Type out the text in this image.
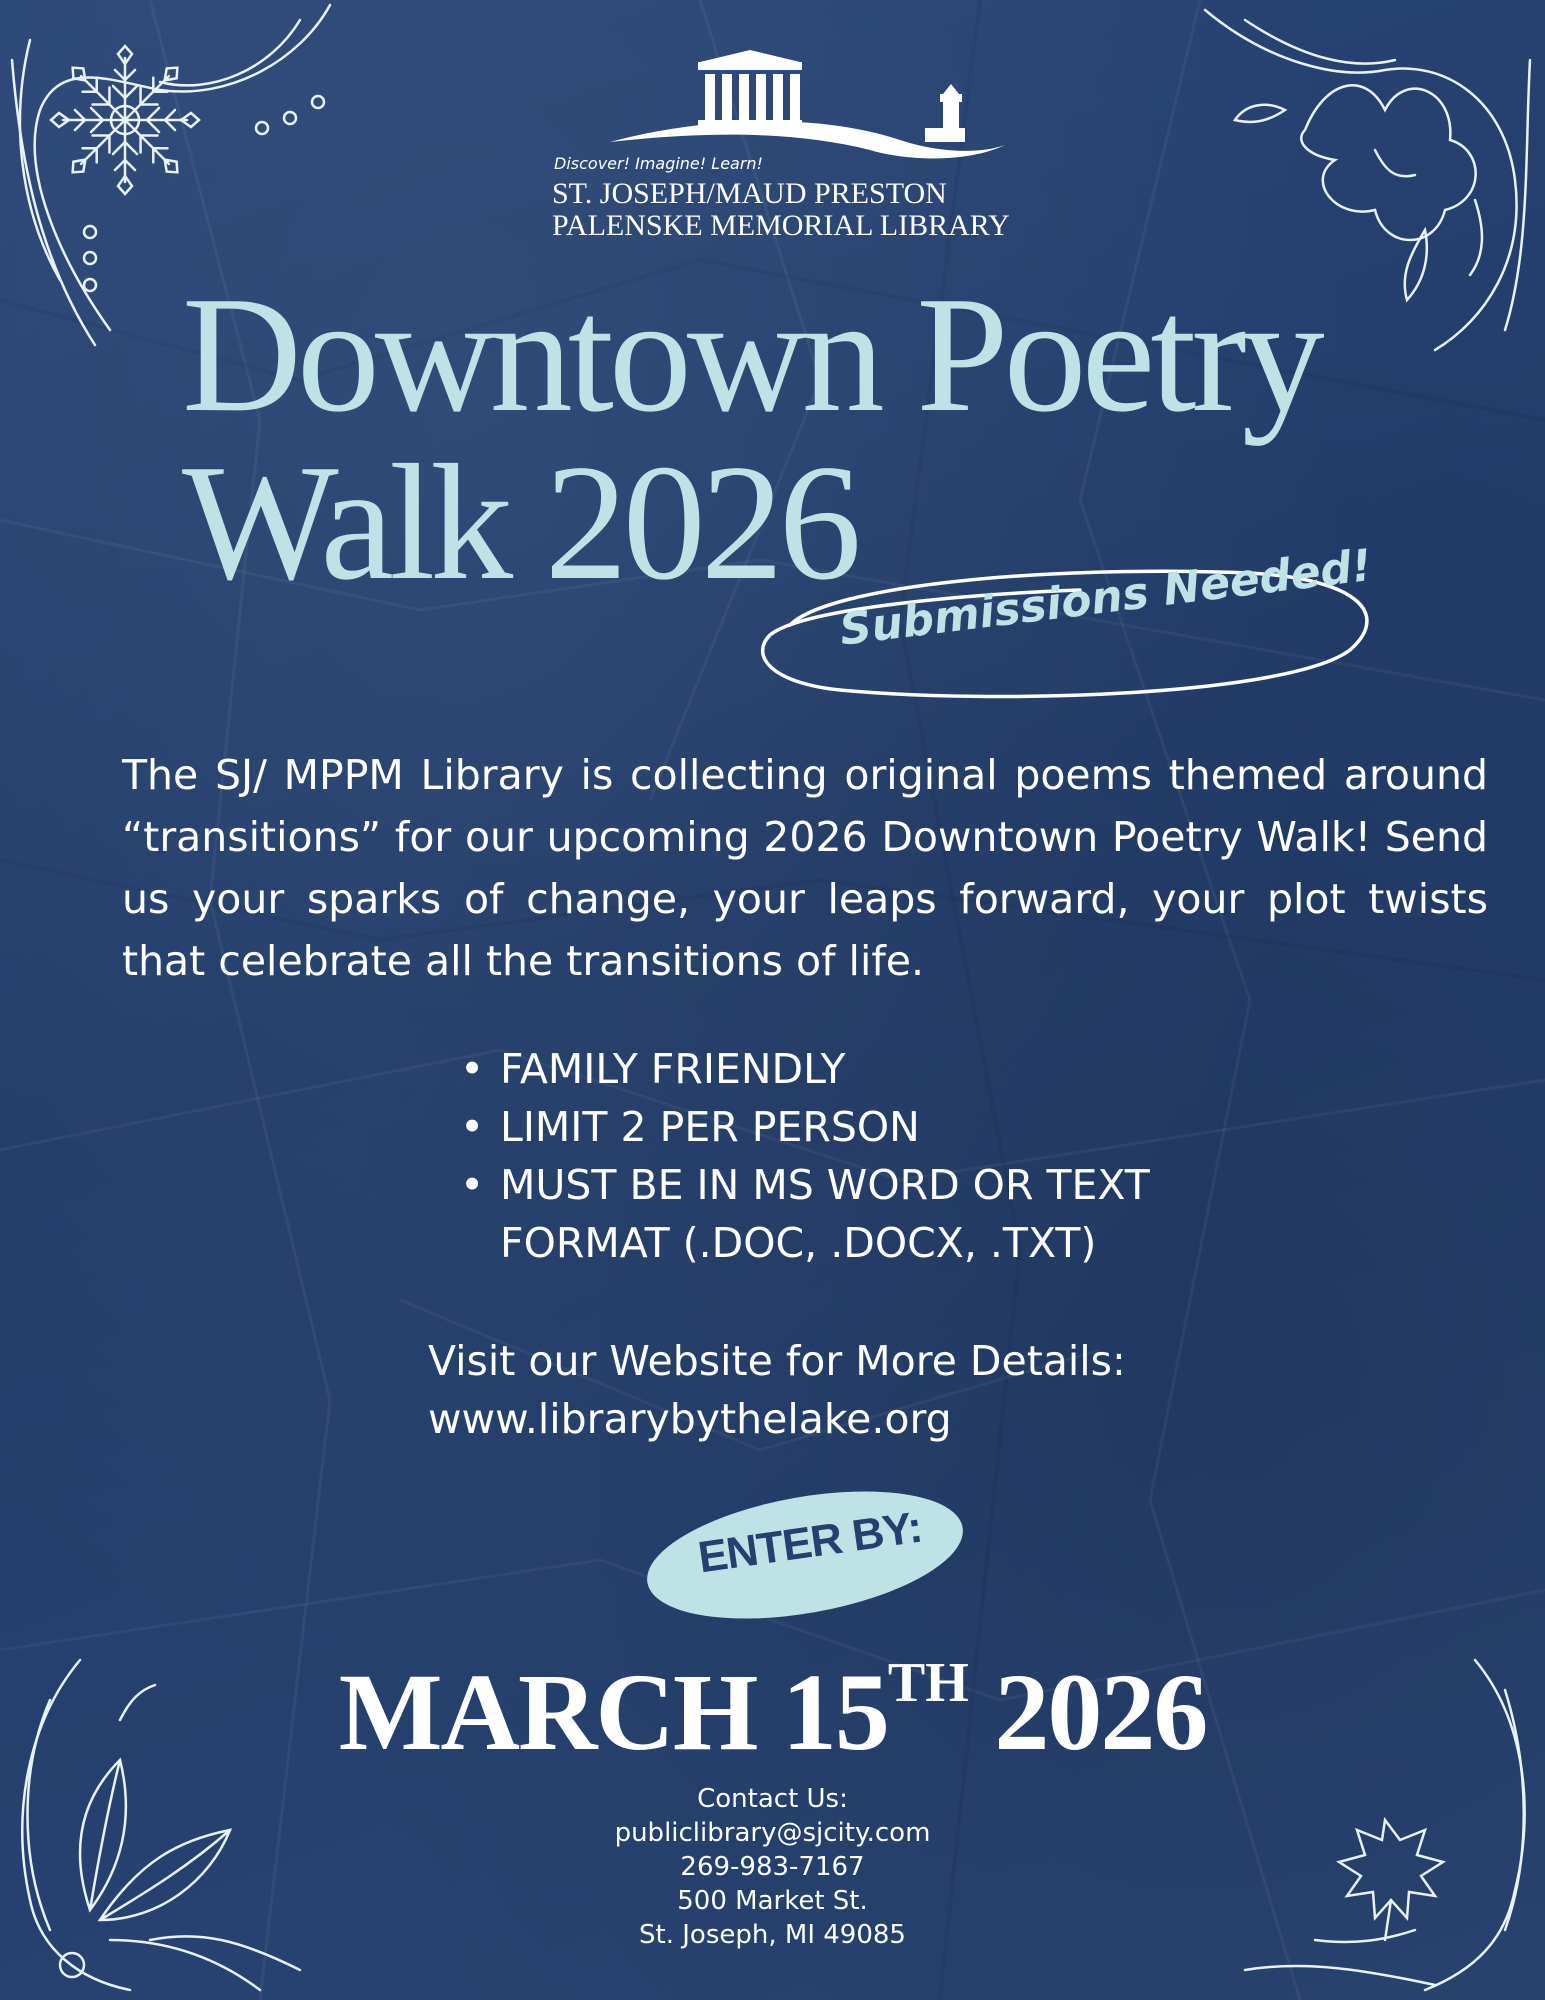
Discover! Imagine! Learn!
ST. JOSEPH/MAUD PRESTON
PALENSKE MEMORIAL LIBRARY
Downtown Poetry
Walk 2026
Submissions Needed!
The SJ/ MPPM Library is collecting original poems themed around “transitions” for our upcoming 2026 Downtown Poetry Walk! Send us your sparks of change, your leaps forward, your plot twists that celebrate all the transitions of life.
• FAMILY FRIENDLY
• LIMIT 2 PER PERSON
• MUST BE IN MS WORD OR TEXT FORMAT (.DOC, .DOCX, .TXT)
Visit our Website for More Details:
www.librarybythelake.org
ENTER BY:
MARCH 15TH 2026
Contact Us:
publiclibrary@sjcity.com
269-983-7167
500 Market St.
St. Joseph, MI 49085
